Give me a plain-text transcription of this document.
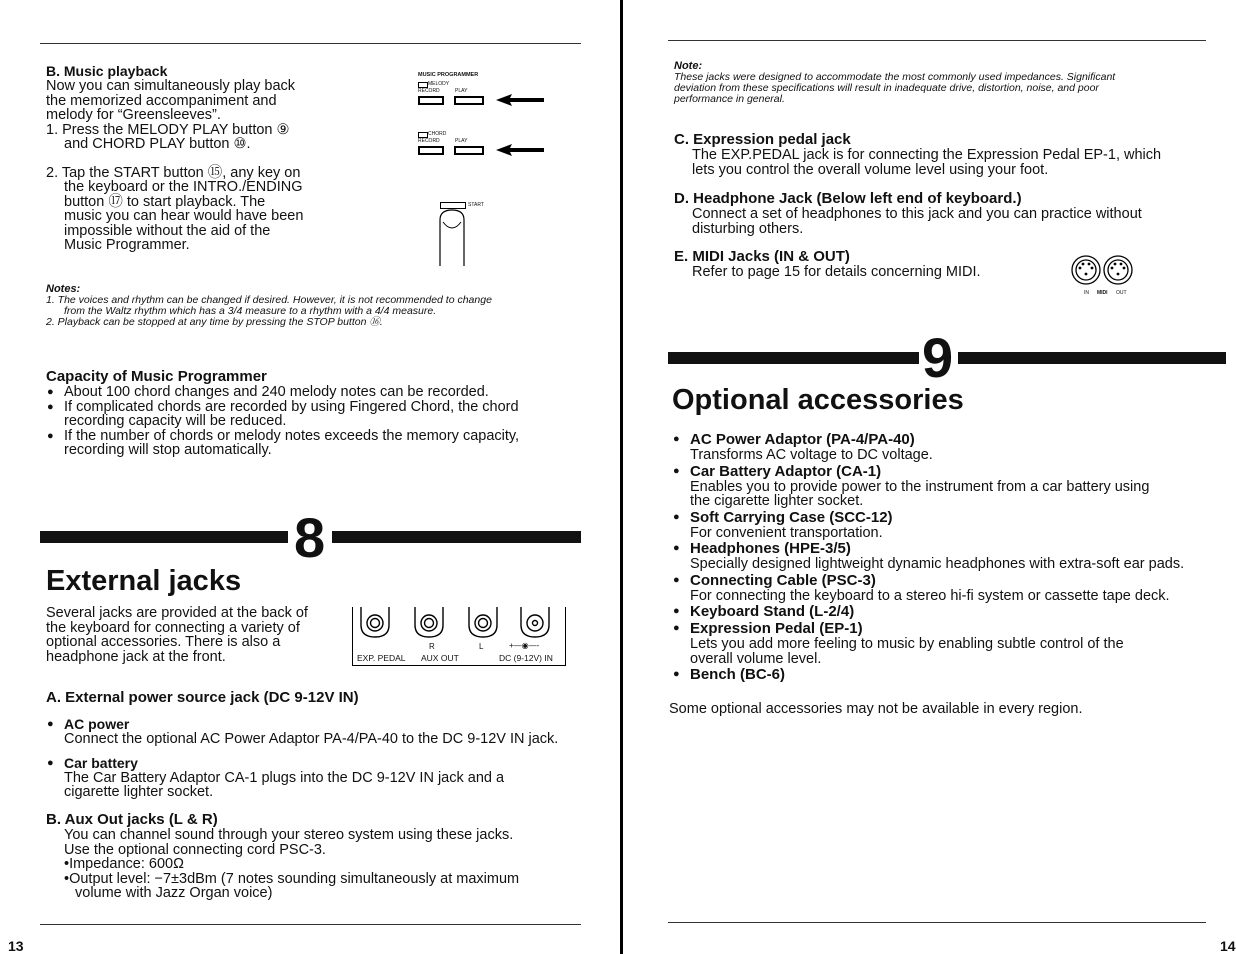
B. Music playback
Now you can simultaneously play back
the memorized accompaniment and
melody for “Greensleeves”.
1. Press the MELODY PLAY button ⑨
and CHORD PLAY button ⑩.
2. Tap the START button ⑮, any key on
the keyboard or the INTRO./ENDING
button ⑰ to start playback. The
music you can hear would have been
impossible without the aid of the
Music Programmer.
MUSIC PROGRAMMER
MELODY
RECORD	PLAY
CHORD
RECORD	PLAY
START
Notes:
1. The voices and rhythm can be changed if desired. However, it is not recommended to change
from the Waltz rhythm which has a 3/4 measure to a rhythm with a 4/4 measure.
2. Playback can be stopped at any time by pressing the STOP button ⑯.
Capacity of Music Programmer
● About 100 chord changes and 240 melody notes can be recorded.
● If complicated chords are recorded by using Fingered Chord, the chord
recording capacity will be reduced.
● If the number of chords or melody notes exceeds the memory capacity,
recording will stop automatically.
8
External jacks
Several jacks are provided at the back of
the keyboard for connecting a variety of
optional accessories. There is also a
headphone jack at the front.
R	L	+—◉—-
EXP. PEDAL AUX OUT	DC (9-12V) IN
A. External power source jack (DC 9-12V IN)
● AC power
Connect the optional AC Power Adaptor PA-4/PA-40 to the DC 9-12V IN jack.
● Car battery
The Car Battery Adaptor CA-1 plugs into the DC 9-12V IN jack and a
cigarette lighter socket.
B. Aux Out jacks (L & R)
You can channel sound through your stereo system using these jacks.
Use the optional connecting cord PSC-3.
•Impedance: 600Ω
•Output level: −7±3dBm (7 notes sounding simultaneously at maximum
volume with Jazz Organ voice)
13
Note:
These jacks were designed to accommodate the most commonly used impedances. Significant
deviation from these specifications will result in inadequate drive, distortion, noise, and poor
performance in general.
C. Expression pedal jack
The EXP.PEDAL jack is for connecting the Expression Pedal EP-1, which
lets you control the overall volume level using your foot.
D. Headphone Jack (Below left end of keyboard.)
Connect a set of headphones to this jack and you can practice without
disturbing others.
E. MIDI Jacks (IN & OUT)
Refer to page 15 for details concerning MIDI.
IN MIDI OUT
9
Optional accessories
● AC Power Adaptor (PA-4/PA-40)
Transforms AC voltage to DC voltage.
● Car Battery Adaptor (CA-1)
Enables you to provide power to the instrument from a car battery using
the cigarette lighter socket.
● Soft Carrying Case (SCC-12)
For convenient transportation.
● Headphones (HPE-3/5)
Specially designed lightweight dynamic headphones with extra-soft ear pads.
● Connecting Cable (PSC-3)
For connecting the keyboard to a stereo hi-fi system or cassette tape deck.
● Keyboard Stand (L-2/4)
● Expression Pedal (EP-1)
Lets you add more feeling to music by enabling subtle control of the
overall volume level.
● Bench (BC-6)
Some optional accessories may not be available in every region.
14
